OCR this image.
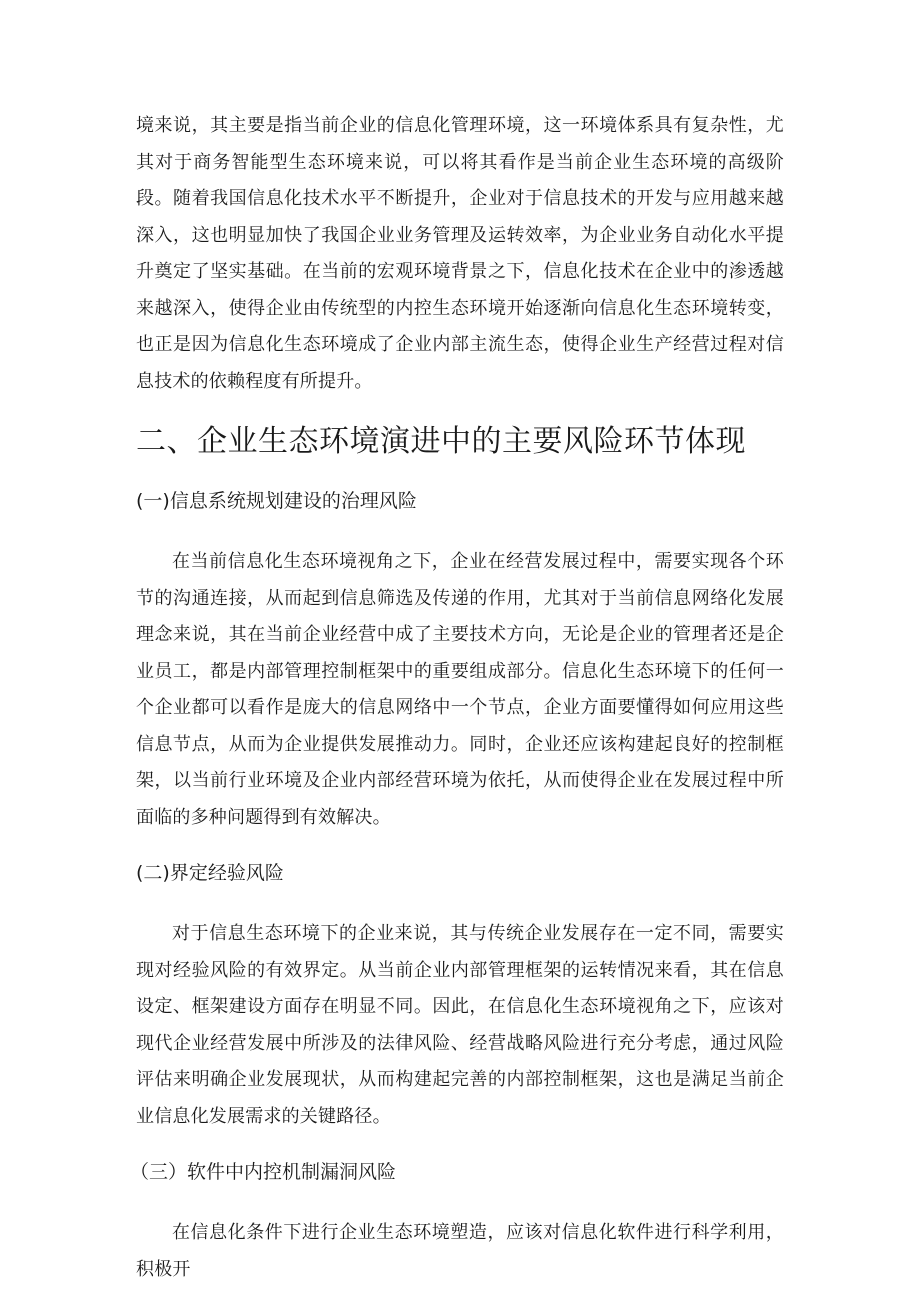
境来说，其主要是指当前企业的信息化管理环境，这一环境体系具有复杂性，尤其对于商务智能型生态环境来说，可以将其看作是当前企业生态环境的高级阶段。随着我国信息化技术水平不断提升，企业对于信息技术的开发与应用越来越深入，这也明显加快了我国企业业务管理及运转效率，为企业业务自动化水平提升奠定了坚实基础。在当前的宏观环境背景之下，信息化技术在企业中的渗透越来越深入，使得企业由传统型的内控生态环境开始逐渐向信息化生态环境转变，也正是因为信息化生态环境成了企业内部主流生态，使得企业生产经营过程对信息技术的依赖程度有所提升。

二、企业生态环境演进中的主要风险环节体现
(一)信息系统规划建设的治理风险

在当前信息化生态环境视角之下，企业在经营发展过程中，需要实现各个环节的沟通连接，从而起到信息筛选及传递的作用，尤其对于当前信息网络化发展理念来说，其在当前企业经营中成了主要技术方向，无论是企业的管理者还是企业员工，都是内部管理控制框架中的重要组成部分。信息化生态环境下的任何一个企业都可以看作是庞大的信息网络中一个节点，企业方面要懂得如何应用这些信息节点，从而为企业提供发展推动力。同时，企业还应该构建起良好的控制框架，以当前行业环境及企业内部经营环境为依托，从而使得企业在发展过程中所面临的多种问题得到有效解决。

(二)界定经验风险

对于信息生态环境下的企业来说，其与传统企业发展存在一定不同，需要实现对经验风险的有效界定。从当前企业内部管理框架的运转情况来看，其在信息设定、框架建设方面存在明显不同。因此，在信息化生态环境视角之下，应该对现代企业经营发展中所涉及的法律风险、经营战略风险进行充分考虑，通过风险评估来明确企业发展现状，从而构建起完善的内部控制框架，这也是满足当前企业信息化发展需求的关键路径。

（三）软件中内控机制漏洞风险

在信息化条件下进行企业生态环境塑造，应该对信息化软件进行科学利用，积极开
